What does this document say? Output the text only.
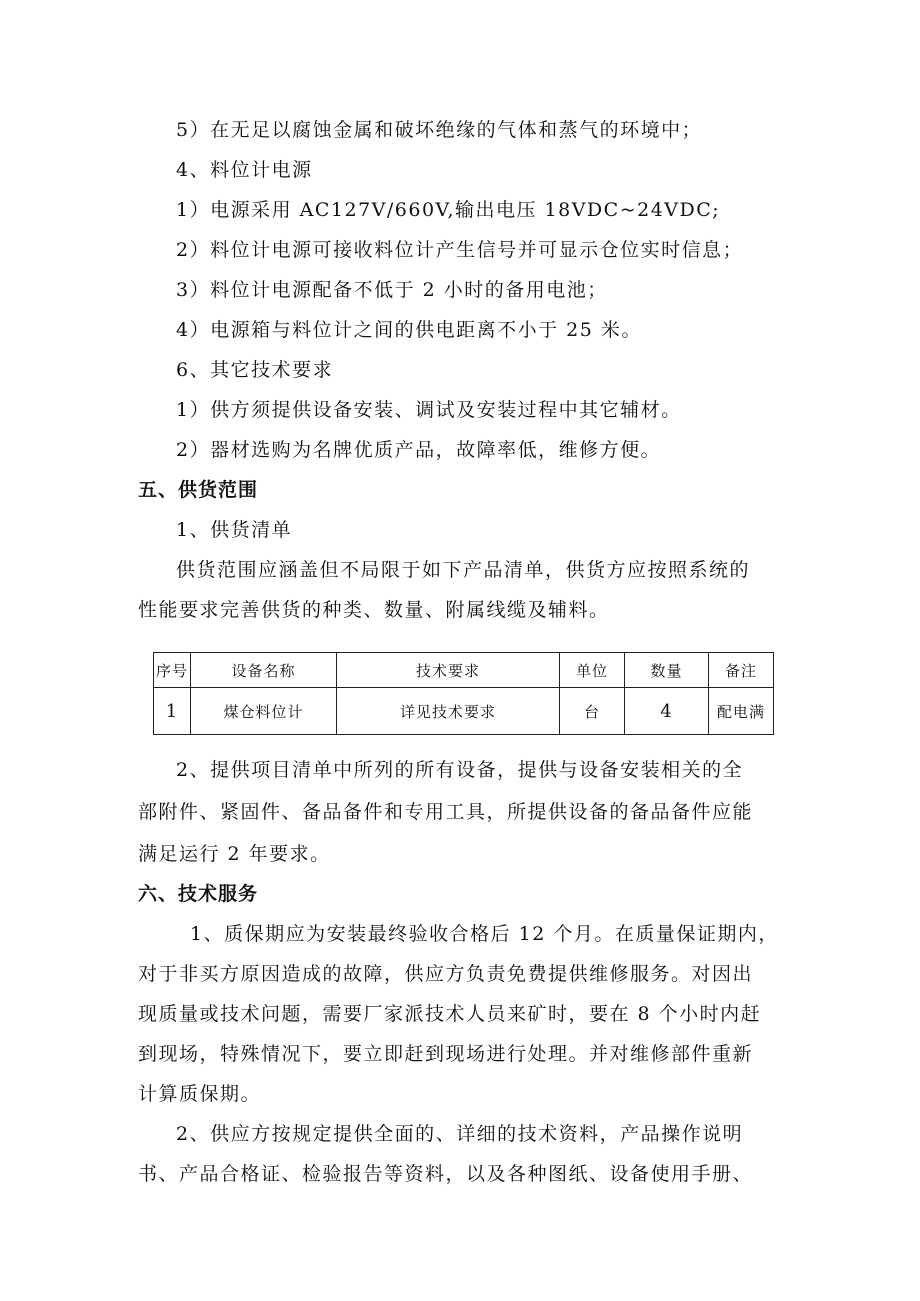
5）在无足以腐蚀金属和破坏绝缘的气体和蒸气的环境中；
4、料位计电源
1）电源采用 AC127V/660V,输出电压 18VDC~24VDC;
2）料位计电源可接收料位计产生信号并可显示仓位实时信息；
3）料位计电源配备不低于 2 小时的备用电池；
4）电源箱与料位计之间的供电距离不小于 25 米。
6、其它技术要求
1）供方须提供设备安装、调试及安装过程中其它辅材。
2）器材选购为名牌优质产品，故障率低，维修方便。
五、供货范围
1、供货清单
供货范围应涵盖但不局限于如下产品清单，供货方应按照系统的
性能要求完善供货的种类、数量、附属线缆及辅料。
序号	设备名称	技术要求	单位	数量	备注
1	煤仓料位计	详见技术要求	台	4	配电满
2、提供项目清单中所列的所有设备，提供与设备安装相关的全
部附件、紧固件、备品备件和专用工具，所提供设备的备品备件应能
满足运行 2 年要求。
六、技术服务
1、质保期应为安装最终验收合格后 12 个月。在质量保证期内，
对于非买方原因造成的故障，供应方负责免费提供维修服务。对因出
现质量或技术问题，需要厂家派技术人员来矿时，要在 8 个小时内赶
到现场，特殊情况下，要立即赶到现场进行处理。并对维修部件重新
计算质保期。
2、供应方按规定提供全面的、详细的技术资料，产品操作说明
书、产品合格证、检验报告等资料，以及各种图纸、设备使用手册、
